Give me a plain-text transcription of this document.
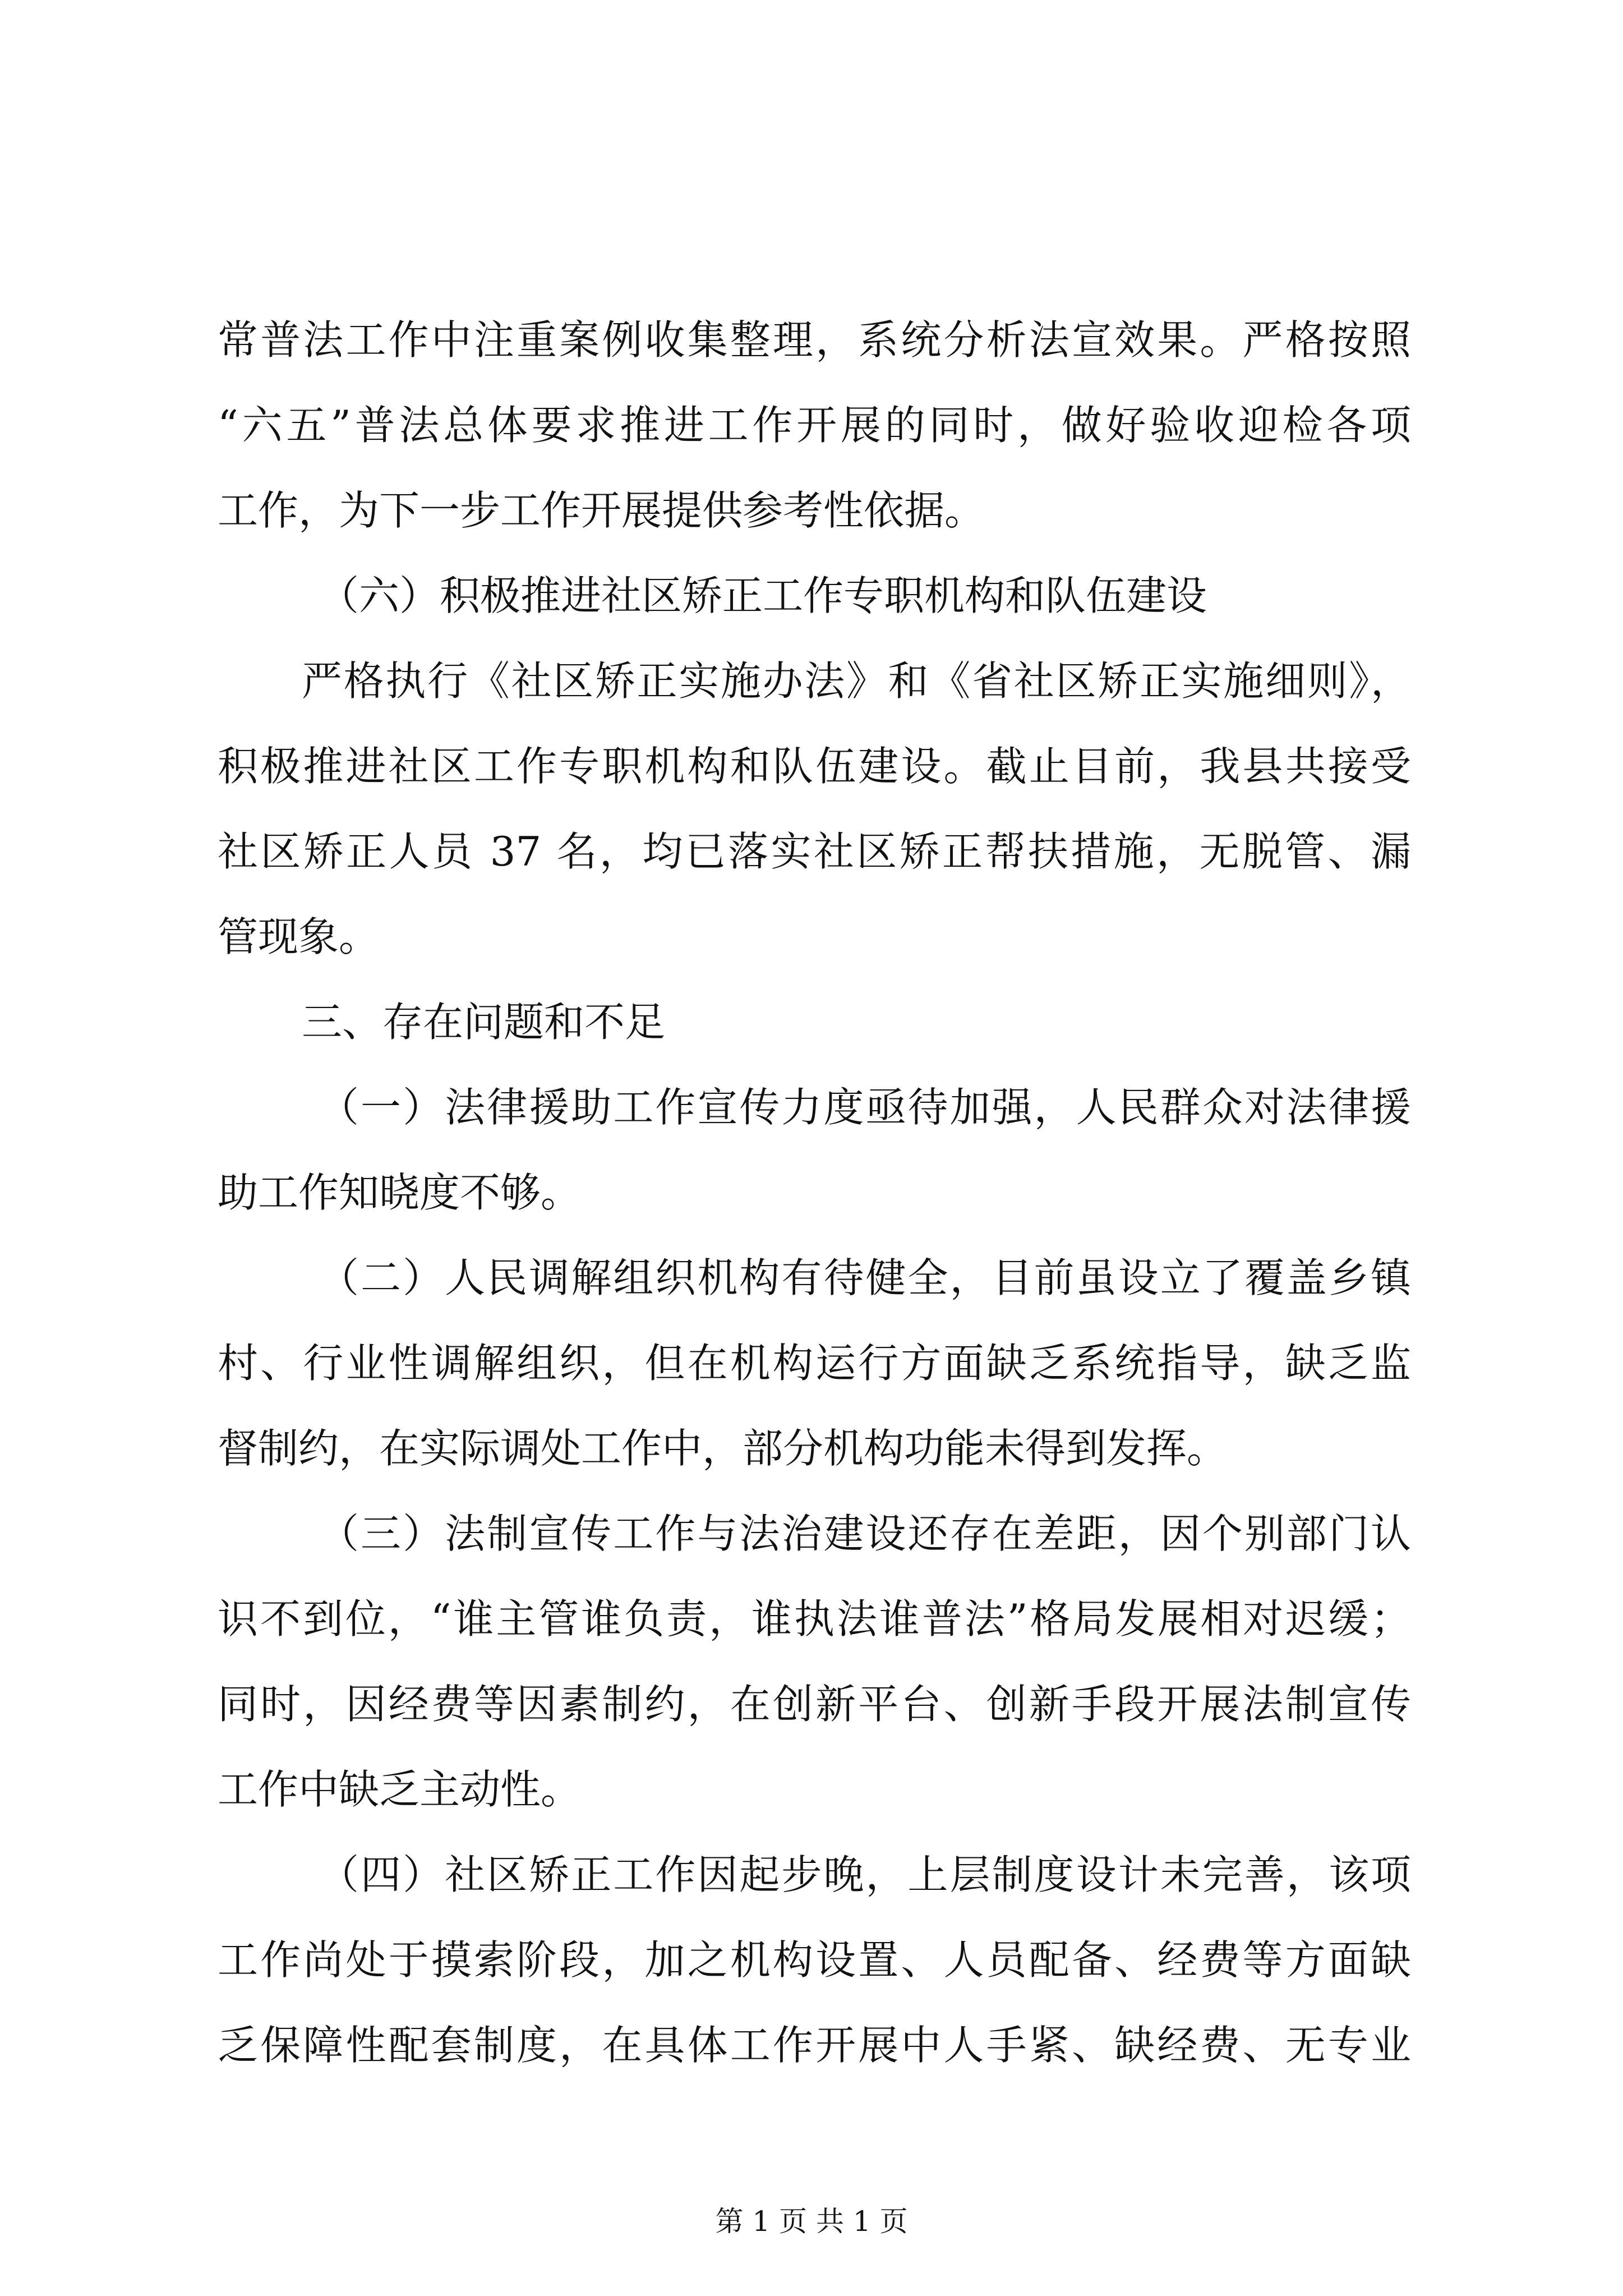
常普法工作中注重案例收集整理，系统分析法宣效果。严格按照
“六五”普法总体要求推进工作开展的同时，做好验收迎检各项
工作，为下一步工作开展提供参考性依据。
（六）积极推进社区矫正工作专职机构和队伍建设
严格执行《社区矫正实施办法》和《省社区矫正实施细则》，
积极推进社区工作专职机构和队伍建设。截止目前，我县共接受
社区矫正人员 37 名，均已落实社区矫正帮扶措施，无脱管、漏
管现象。
三、存在问题和不足
（一）法律援助工作宣传力度亟待加强，人民群众对法律援
助工作知晓度不够。
（二）人民调解组织机构有待健全，目前虽设立了覆盖乡镇
村、行业性调解组织，但在机构运行方面缺乏系统指导，缺乏监
督制约，在实际调处工作中，部分机构功能未得到发挥。
（三）法制宣传工作与法治建设还存在差距，因个别部门认
识不到位，“谁主管谁负责，谁执法谁普法”格局发展相对迟缓；
同时，因经费等因素制约，在创新平台、创新手段开展法制宣传
工作中缺乏主动性。
（四）社区矫正工作因起步晚，上层制度设计未完善，该项
工作尚处于摸索阶段，加之机构设置、人员配备、经费等方面缺
乏保障性配套制度，在具体工作开展中人手紧、缺经费、无专业
第 1 页 共 1 页
